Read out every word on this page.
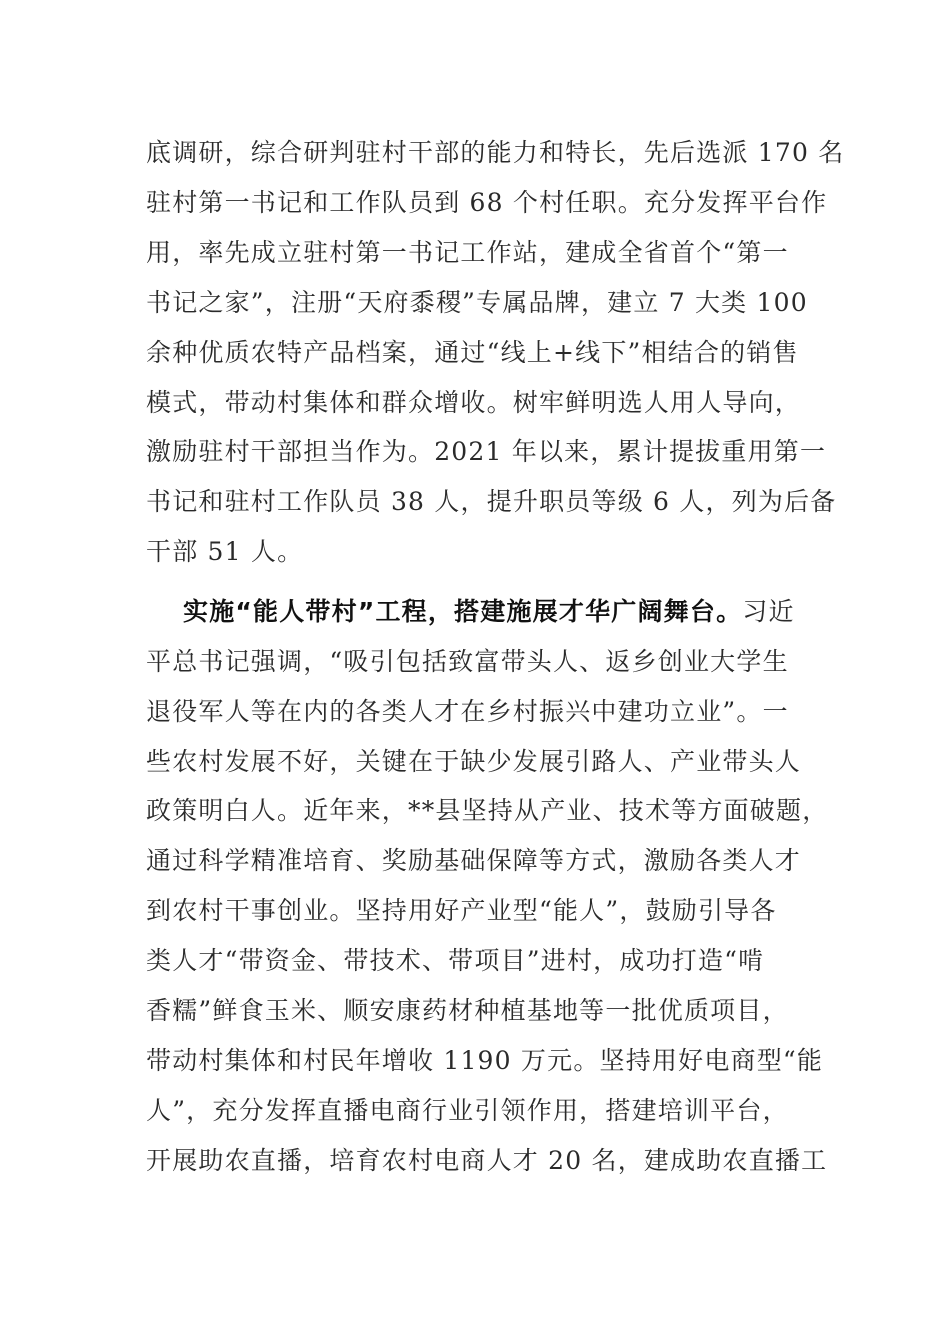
底调研，综合研判驻村干部的能力和特长，先后选派 170 名
驻村第一书记和工作队员到 68 个村任职。充分发挥平台作
用，率先成立驻村第一书记工作站，建成全省首个“第一
书记之家”，注册“天府黍稷”专属品牌，建立 7 大类 100
余种优质农特产品档案，通过“线上+线下”相结合的销售
模式，带动村集体和群众增收。树牢鲜明选人用人导向，
激励驻村干部担当作为。2021 年以来，累计提拔重用第一
书记和驻村工作队员 38 人，提升职员等级 6 人，列为后备
干部 51 人。
实施“能人带村”工程，搭建施展才华广阔舞台。习近
平总书记强调，“吸引包括致富带头人、返乡创业大学生
退役军人等在内的各类人才在乡村振兴中建功立业”。一
些农村发展不好，关键在于缺少发展引路人、产业带头人
政策明白人。近年来，**县坚持从产业、技术等方面破题，
通过科学精准培育、奖励基础保障等方式，激励各类人才
到农村干事创业。坚持用好产业型“能人”，鼓励引导各
类人才“带资金、带技术、带项目”进村，成功打造“啃
香糯”鲜食玉米、顺安康药材种植基地等一批优质项目，
带动村集体和村民年增收 1190 万元。坚持用好电商型“能
人”，充分发挥直播电商行业引领作用，搭建培训平台，
开展助农直播，培育农村电商人才 20 名，建成助农直播工
